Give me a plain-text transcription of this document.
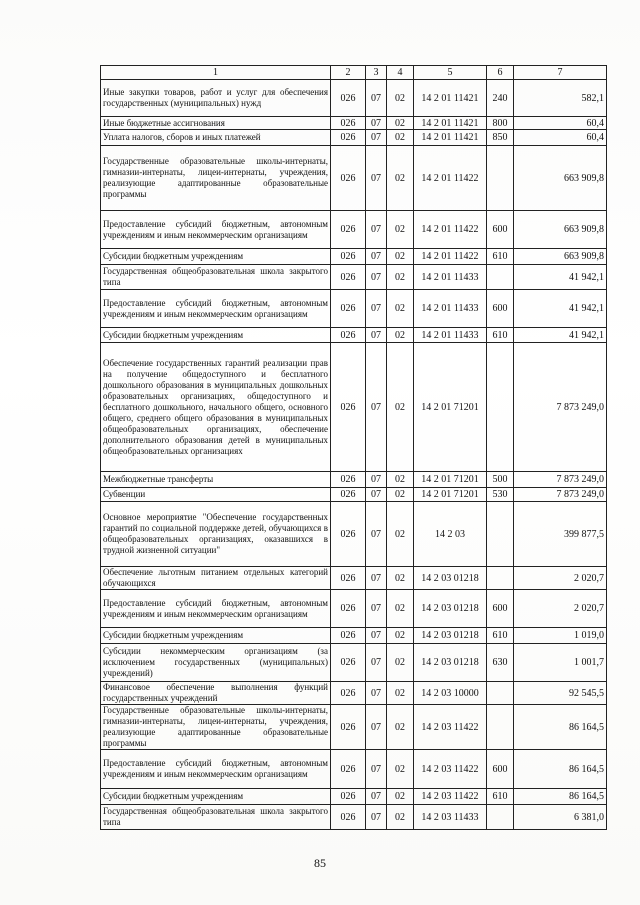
1	2	3	4	5	6	7
Иные закупки товаров, работ и услуг для обеспечения государственных (муниципальных) нужд	026	07	02	14 2 01 11421	240	582,1
Иные бюджетные ассигнования	026	07	02	14 2 01 11421	800	60,4
Уплата налогов, сборов и иных платежей	026	07	02	14 2 01 11421	850	60,4
Государственные образовательные школы-интернаты, гимназии-интернаты, лицеи-интернаты, учреждения, реализующие адаптированные образовательные программы	026	07	02	14 2 01 11422		663 909,8
Предоставление субсидий бюджетным, автономным учреждениям и иным некоммерческим организациям	026	07	02	14 2 01 11422	600	663 909,8
Субсидии бюджетным учреждениям	026	07	02	14 2 01 11422	610	663 909,8
Государственная общеобразовательная школа закрытого типа	026	07	02	14 2 01 11433		41 942,1
Предоставление субсидий бюджетным, автономным учреждениям и иным некоммерческим организациям	026	07	02	14 2 01 11433	600	41 942,1
Субсидии бюджетным учреждениям	026	07	02	14 2 01 11433	610	41 942,1
Обеспечение государственных гарантий реализации прав на получение общедоступного и бесплатного дошкольного образования в муниципальных дошкольных образовательных организациях, общедоступного и бесплатного дошкольного, начального общего, основного общего, среднего общего образования в муниципальных общеобразовательных организациях, обеспечение дополнительного образования детей в муниципальных общеобразовательных организациях	026	07	02	14 2 01 71201		7 873 249,0
Межбюджетные трансферты	026	07	02	14 2 01 71201	500	7 873 249,0
Субвенции	026	07	02	14 2 01 71201	530	7 873 249,0
Основное мероприятие "Обеспечение государственных гарантий по социальной поддержке детей, обучающихся в общеобразовательных организациях, оказавшихся в трудной жизненной ситуации"	026	07	02	14 2 03		399 877,5
Обеспечение льготным питанием отдельных категорий обучающихся	026	07	02	14 2 03 01218		2 020,7
Предоставление субсидий бюджетным, автономным учреждениям и иным некоммерческим организациям	026	07	02	14 2 03 01218	600	2 020,7
Субсидии бюджетным учреждениям	026	07	02	14 2 03 01218	610	1 019,0
Субсидии некоммерческим организациям (за исключением государственных (муниципальных) учреждений)	026	07	02	14 2 03 01218	630	1 001,7
Финансовое обеспечение выполнения функций государственных учреждений	026	07	02	14 2 03 10000		92 545,5
Государственные образовательные школы-интернаты, гимназии-интернаты, лицеи-интернаты, учреждения, реализующие адаптированные образовательные программы	026	07	02	14 2 03 11422		86 164,5
Предоставление субсидий бюджетным, автономным учреждениям и иным некоммерческим организациям	026	07	02	14 2 03 11422	600	86 164,5
Субсидии бюджетным учреждениям	026	07	02	14 2 03 11422	610	86 164,5
Государственная общеобразовательная школа закрытого типа	026	07	02	14 2 03 11433		6 381,0
85
